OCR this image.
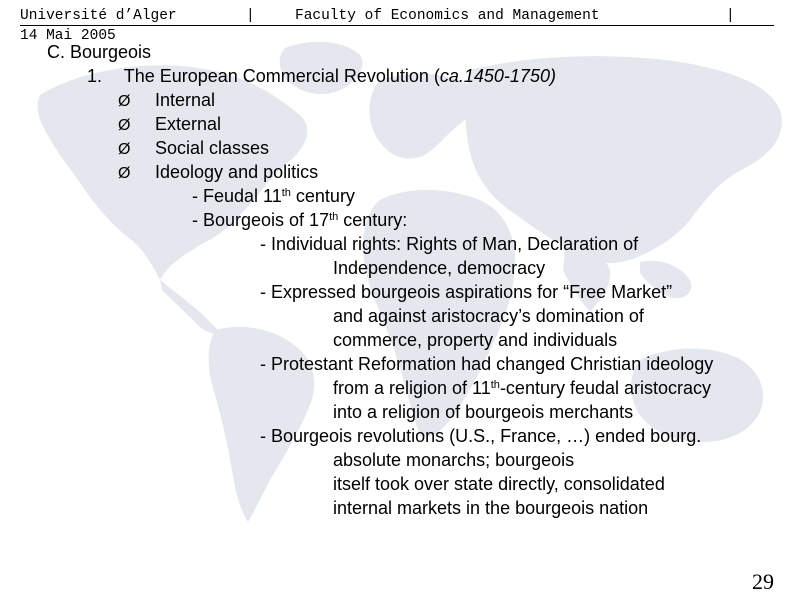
Université d’Alger

	|

	Faculty of Economics and Management

	|

14 Mai 2005
C. Bourgeois
1. The European Commercial Revolution (ca.1450-1750)
Ø Internal
Ø External
Ø Social classes
Ø Ideology and politics
- Feudal 11th century
- Bourgeois of 17th century:
- Individual rights: Rights of Man, Declaration of
Independence, democracy
- Expressed bourgeois aspirations for “Free Market”
and against aristocracy’s domination of
commerce, property and individuals
- Protestant Reformation had changed Christian ideology
from a religion of 11th-century feudal aristocracy
into a religion of bourgeois merchants
- Bourgeois revolutions (U.S., France, …) ended bourg.
absolute monarchs; bourgeois
itself took over state directly, consolidated
internal markets in the bourgeois nation
29
